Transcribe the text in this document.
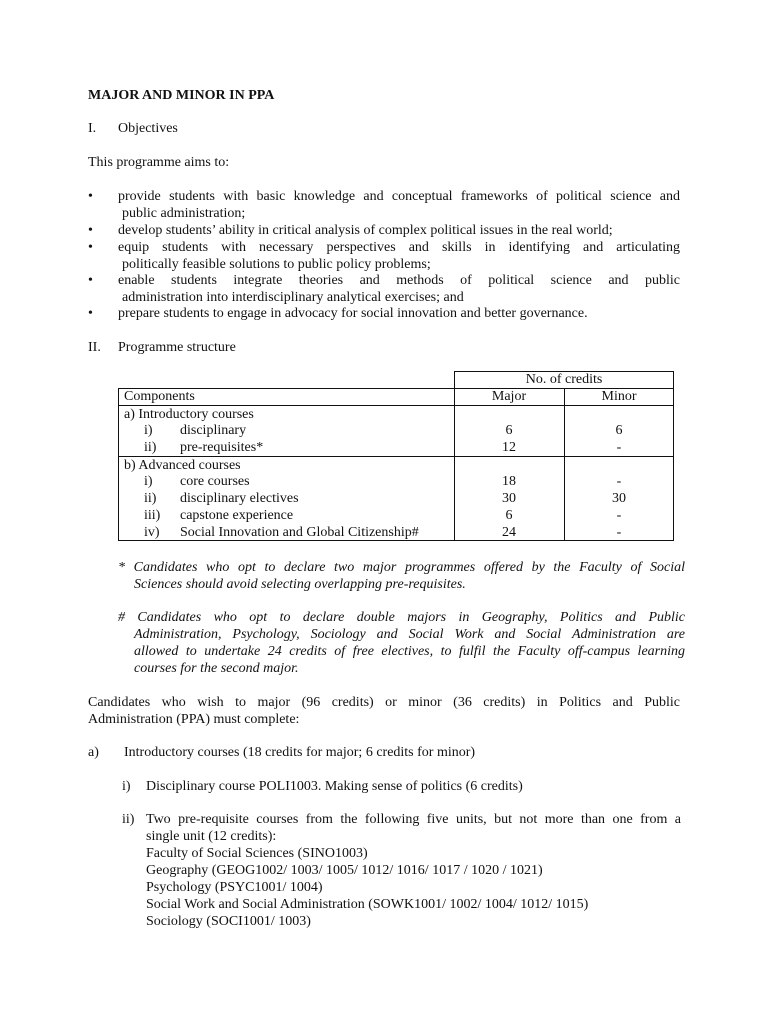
MAJOR AND MINOR IN PPA
I. Objectives
This programme aims to:
• provide students with basic knowledge and conceptual frameworks of political science and
public administration;
• develop students’ ability in critical analysis of complex political issues in the real world;
• equip students with necessary perspectives and skills in identifying and articulating
politically feasible solutions to public policy problems;
• enable students integrate theories and methods of political science and public
administration into interdisciplinary analytical exercises; and
• prepare students to engage in advocacy for social innovation and better governance.
II. Programme structure
No. of credits
Components	Major	Minor
a) Introductory courses
i) disciplinary	6	6
ii) pre-requisites*	12	-
b) Advanced courses
i) core courses	18	-
ii) disciplinary electives	30	30
iii) capstone experience	6	-
iv) Social Innovation and Global Citizenship#	24	-
* Candidates who opt to declare two major programmes offered by the Faculty of Social
Sciences should avoid selecting overlapping pre-requisites.
# Candidates who opt to declare double majors in Geography, Politics and Public
Administration, Psychology, Sociology and Social Work and Social Administration are
allowed to undertake 24 credits of free electives, to fulfil the Faculty off-campus learning
courses for the second major.
Candidates who wish to major (96 credits) or minor (36 credits) in Politics and Public
Administration (PPA) must complete:
a) Introductory courses (18 credits for major; 6 credits for minor)
i) Disciplinary course POLI1003. Making sense of politics (6 credits)
ii) Two pre-requisite courses from the following five units, but not more than one from a
single unit (12 credits):
Faculty of Social Sciences (SINO1003)
Geography (GEOG1002/ 1003/ 1005/ 1012/ 1016/ 1017 / 1020 / 1021)
Psychology (PSYC1001/ 1004)
Social Work and Social Administration (SOWK1001/ 1002/ 1004/ 1012/ 1015)
Sociology (SOCI1001/ 1003)
